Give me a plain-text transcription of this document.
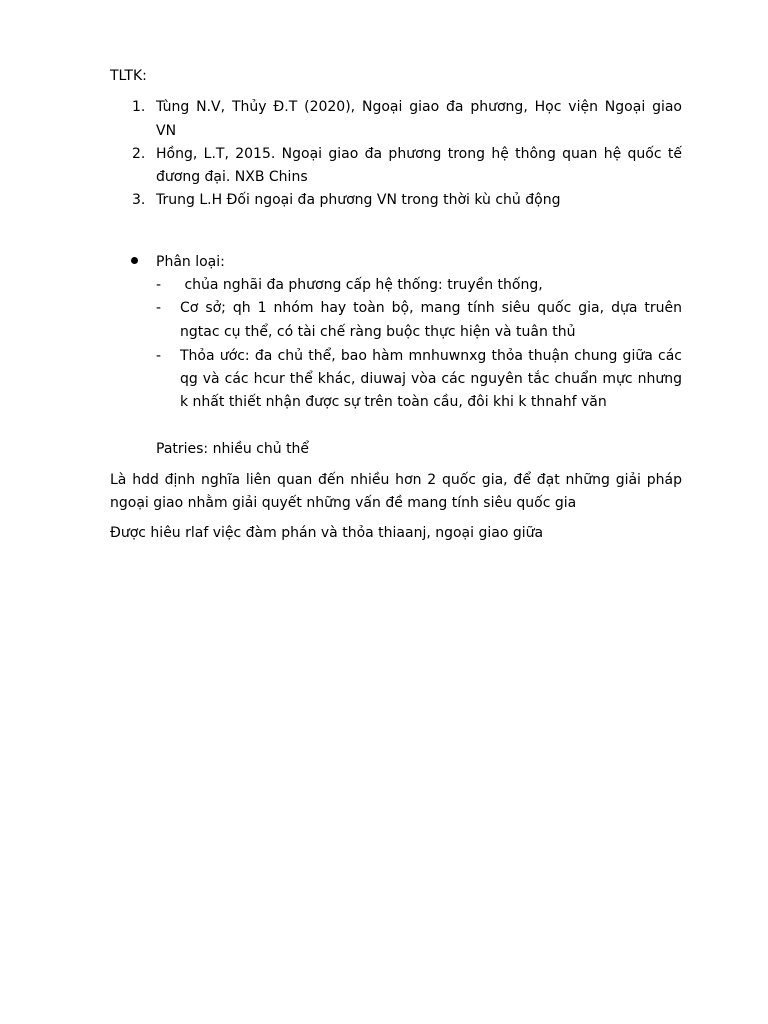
TLTK:
1. Tùng N.V, Thủy Đ.T (2020), Ngoại giao đa phương, Học viện Ngoại giao
VN
2. Hồng, L.T, 2015. Ngoại giao đa phương trong hệ thông quan hệ quốc tế
đương đại. NXB Chins
3. Trung L.H Đối ngoại đa phương VN trong thời kù chủ động
Phân loại:
- chủa nghãi đa phương cấp hệ thống: truyền thống,
- Cơ sở; qh 1 nhóm hay toàn bộ, mang tính siêu quốc gia, dựa truên
ngtac cụ thể, có tài chế ràng buộc thực hiện và tuân thủ
- Thỏa ước: đa chủ thể, bao hàm mnhuwnxg thỏa thuận chung giữa các
qg và các hcur thể khác, diuwaj vòa các nguyên tắc chuẩn mực nhưng
k nhất thiết nhận được sự trên toàn cầu, đôi khi k thnahf văn
Patries: nhiều chủ thể
Là hdd định nghĩa liên quan đến nhiều hơn 2 quốc gia, để đạt những giải pháp
ngoại giao nhằm giải quyết những vấn đề mang tính siêu quốc gia
Được hiêu rlaf việc đàm phán và thỏa thiaanj, ngoại giao giữa
